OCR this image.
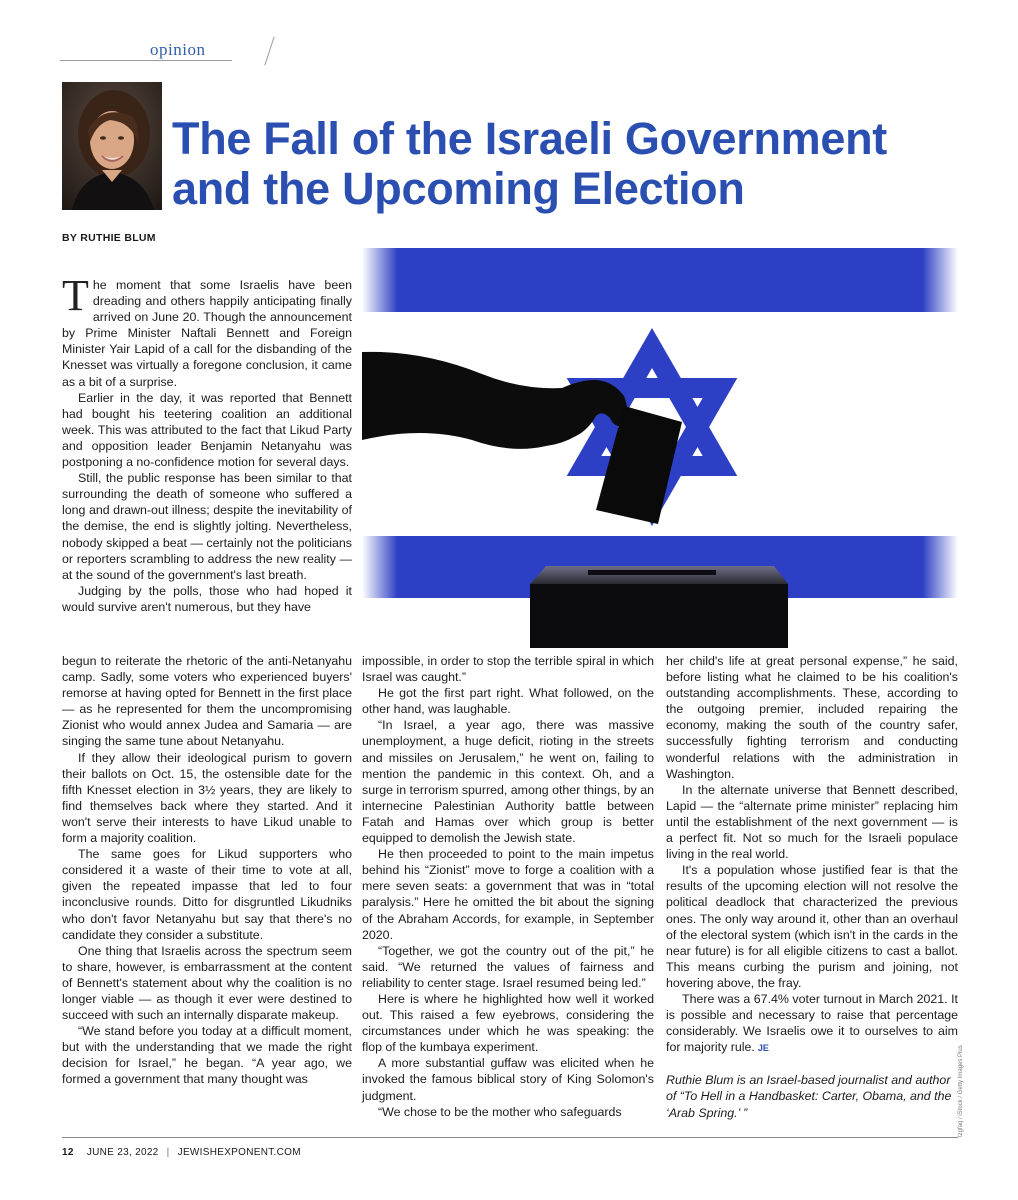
opinion
The Fall of the Israeli Government and the Upcoming Election
BY RUTHIE BLUM

The moment that some Israelis have been dreading and others happily anticipating finally arrived on June 20. Though the announcement by Prime Minister Naftali Bennett and Foreign Minister Yair Lapid of a call for the disbanding of the Knesset was virtually a foregone conclusion, it came as a bit of a surprise.

Earlier in the day, it was reported that Bennett had bought his teetering coalition an additional week. This was attributed to the fact that Likud Party and opposition leader Benjamin Netanyahu was postponing a no-confidence motion for several days.

Still, the public response has been similar to that surrounding the death of someone who suffered a long and drawn-out illness; despite the inevitability of the demise, the end is slightly jolting. Nevertheless, nobody skipped a beat — certainly not the politicians or reporters scrambling to address the new reality — at the sound of the government's last breath.

Judging by the polls, those who had hoped it would survive aren't numerous, but they have

begun to reiterate the rhetoric of the anti-Netanyahu camp. Sadly, some voters who experienced buyers' remorse at having opted for Bennett in the first place — as he represented for them the uncompromising Zionist who would annex Judea and Samaria — are singing the same tune about Netanyahu.

If they allow their ideological purism to govern their ballots on Oct. 15, the ostensible date for the fifth Knesset election in 3½ years, they are likely to find themselves back where they started. And it won't serve their interests to have Likud unable to form a majority coalition.

The same goes for Likud supporters who considered it a waste of their time to vote at all, given the repeated impasse that led to four inconclusive rounds. Ditto for disgruntled Likudniks who don't favor Netanyahu but say that there's no candidate they consider a substitute.

One thing that Israelis across the spectrum seem to share, however, is embarrassment at the content of Bennett's statement about why the coalition is no longer viable — as though it ever were destined to succeed with such an internally disparate makeup.

“We stand before you today at a difficult moment, but with the understanding that we made the right decision for Israel,” he began. “A year ago, we formed a government that many thought was

impossible, in order to stop the terrible spiral in which Israel was caught.”

He got the first part right. What followed, on the other hand, was laughable.

“In Israel, a year ago, there was massive unemployment, a huge deficit, rioting in the streets and missiles on Jerusalem,” he went on, failing to mention the pandemic in this context. Oh, and a surge in terrorism spurred, among other things, by an internecine Palestinian Authority battle between Fatah and Hamas over which group is better equipped to demolish the Jewish state.

He then proceeded to point to the main impetus behind his “Zionist” move to forge a coalition with a mere seven seats: a government that was in “total paralysis.” Here he omitted the bit about the signing of the Abraham Accords, for example, in September 2020.

“Together, we got the country out of the pit,” he said. “We returned the values of fairness and reliability to center stage. Israel resumed being led.”

Here is where he highlighted how well it worked out. This raised a few eyebrows, considering the circumstances under which he was speaking: the flop of the kumbaya experiment.

A more substantial guffaw was elicited when he invoked the famous biblical story of King Solomon's judgment.

“We chose to be the mother who safeguards

her child's life at great personal expense,” he said, before listing what he claimed to be his coalition's outstanding accomplishments. These, according to the outgoing premier, included repairing the economy, making the south of the country safer, successfully fighting terrorism and conducting wonderful relations with the administration in Washington.

In the alternate universe that Bennett described, Lapid — the “alternate prime minister” replacing him until the establishment of the next government — is a perfect fit. Not so much for the Israeli populace living in the real world.

It's a population whose justified fear is that the results of the upcoming election will not resolve the political deadlock that characterized the previous ones. The only way around it, other than an overhaul of the electoral system (which isn't in the cards in the near future) is for all eligible citizens to cast a ballot. This means curbing the purism and joining, not hovering above, the fray.

There was a 67.4% voter turnout in March 2021. It is possible and necessary to raise that percentage considerably. We Israelis owe it to ourselves to aim for majority rule. JE

Ruthie Blum is an Israel-based journalist and author of “To Hell in a Handbasket: Carter, Obama, and the ‘Arab Spring.’ ”	tzgfaq / iStock / Getty Images Plus
12 JUNE 23, 2022 | JEWISHEXPONENT.COM
